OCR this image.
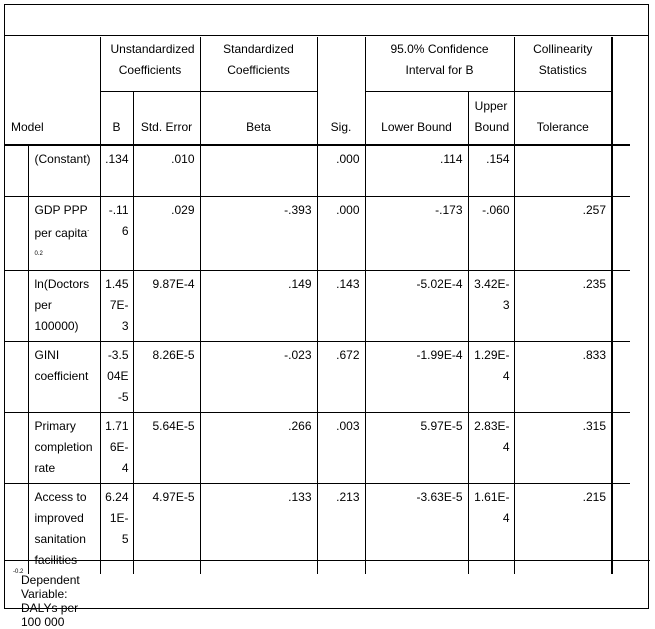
Model		Unstandardized Coefficients		Standardized Coefficients	Sig.	95.0% Confidence Interval for B		Collinearity Statistics	
		B	Std. Error	Beta		Lower Bound	Upper Bound	Tolerance	
	(Constant)	.134	.010		.000	.114	.154		

	GDP PPP per capita$^{-0.2}$	-.116	.029	-.393	.000	-.173	-.060	.257	
	ln(Doctors per 100000)	1.457E-3	9.87E-4	.149	.143	-5.02E-4	3.42E-3	.235	
	GINI coefficient	-3.504E-5	8.26E-5	-.023	.672	-1.99E-4	1.29E-4	.833	
	Primary completion rate	1.716E-4	5.64E-5	.266	.003	5.97E-5	2.83E-4	.315	
	Access to improved sanitation facilities	6.241E-5	4.97E-5	.133	.213	-3.63E-5	1.61E-4	.215	
Dependent Variable: DALYs per 100 000
$^{-0.2}$
